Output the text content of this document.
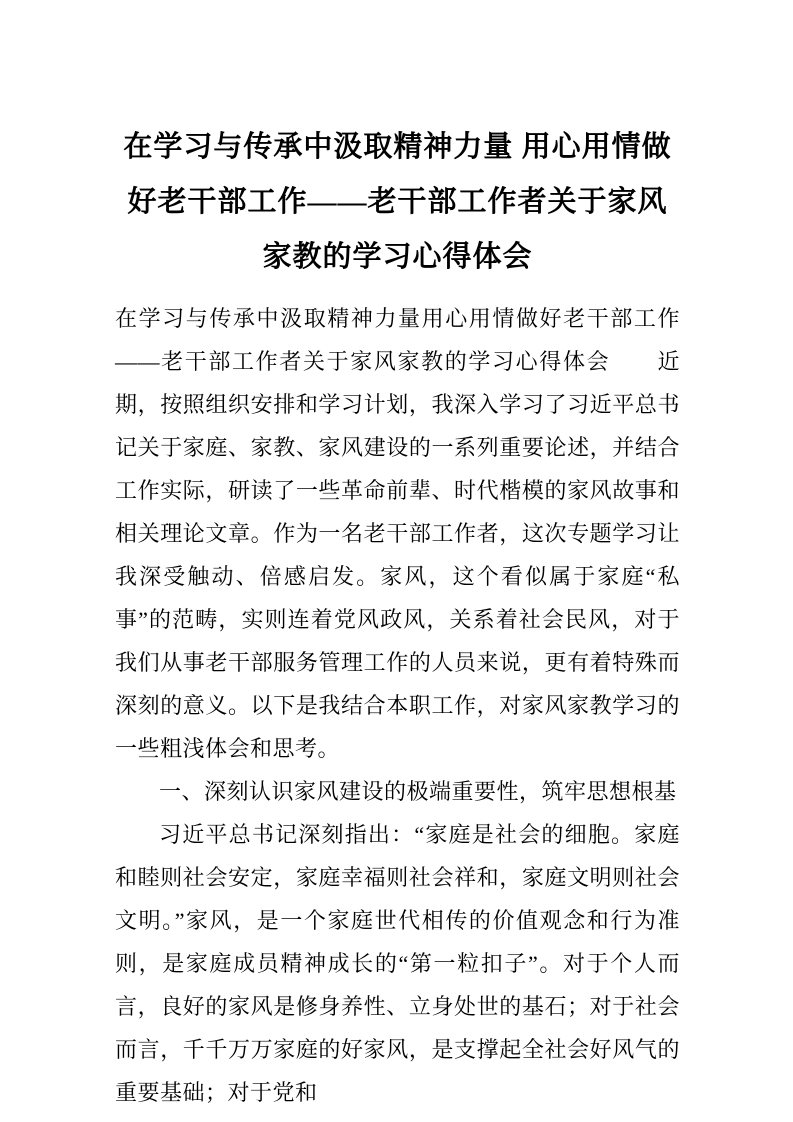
在学习与传承中汲取精神力量 用心用情做好老干部工作——老干部工作者关于家风家教的学习心得体会

在学习与传承中汲取精神力量用心用情做好老干部工作——老干部工作者关于家风家教的学习心得体会　　近期，按照组织安排和学习计划，我深入学习了习近平总书记关于家庭、家教、家风建设的一系列重要论述，并结合工作实际，研读了一些革命前辈、时代楷模的家风故事和相关理论文章。作为一名老干部工作者，这次专题学习让我深受触动、倍感启发。家风，这个看似属于家庭“私事”的范畴，实则连着党风政风，关系着社会民风，对于我们从事老干部服务管理工作的人员来说，更有着特殊而深刻的意义。以下是我结合本职工作，对家风家教学习的一些粗浅体会和思考。

一、深刻认识家风建设的极端重要性，筑牢思想根基

习近平总书记深刻指出：“家庭是社会的细胞。家庭和睦则社会安定，家庭幸福则社会祥和，家庭文明则社会文明。”家风，是一个家庭世代相传的价值观念和行为准则，是家庭成员精神成长的“第一粒扣子”。对于个人而言，良好的家风是修身养性、立身处世的基石；对于社会而言，千千万万家庭的好家风，是支撑起全社会好风气的重要基础；对于党和
